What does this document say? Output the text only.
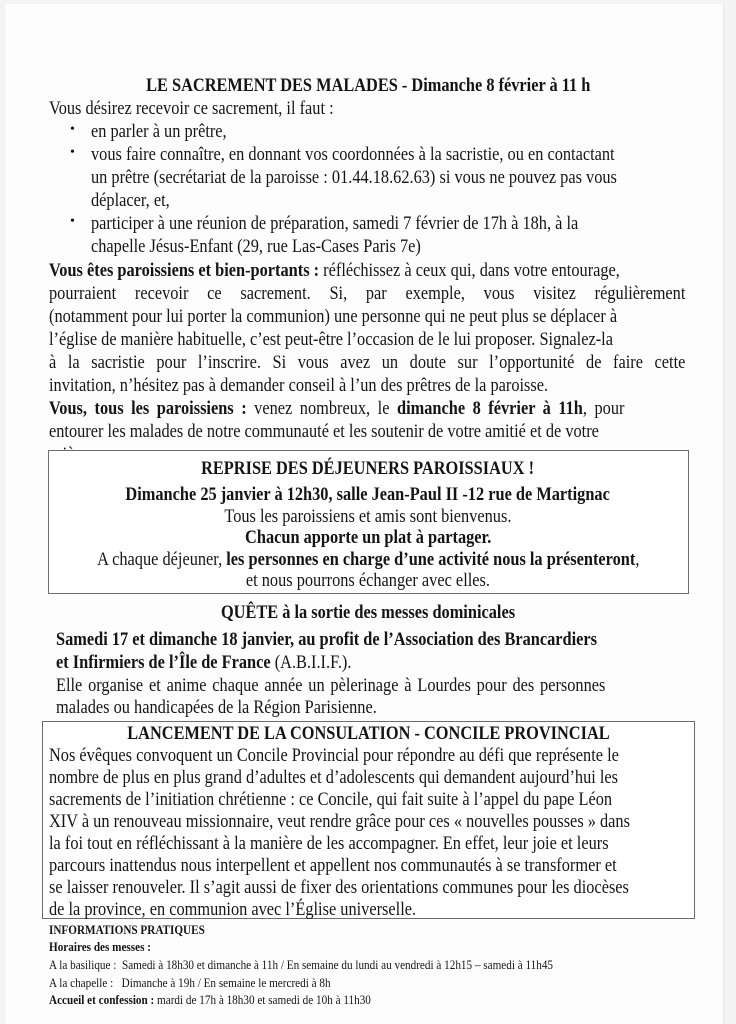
LE SACREMENT DES MALADES - Dimanche 8 février à 11 h
Vous désirez recevoir ce sacrement, il faut :
• en parler à un prêtre,
• vous faire connaître, en donnant vos coordonnées à la sacristie, ou en contactant
un prêtre (secrétariat de la paroisse : 01.44.18.62.63) si vous ne pouvez pas vous
déplacer, et,
• participer à une réunion de préparation, samedi 7 février de 17h à 18h, à la
chapelle Jésus-Enfant (29, rue Las-Cases Paris 7e)
Vous êtes paroissiens et bien-portants : réfléchissez à ceux qui, dans votre entourage,
pourraient recevoir ce sacrement. Si, par exemple, vous visitez régulièrement
(notamment pour lui porter la communion) une personne qui ne peut plus se déplacer à
l’église de manière habituelle, c’est peut-être l’occasion de le lui proposer. Signalez-la
à la sacristie pour l’inscrire. Si vous avez un doute sur l’opportunité de faire cette
invitation, n’hésitez pas à demander conseil à l’un des prêtres de la paroisse.
Vous, tous les paroissiens : venez nombreux, le dimanche 8 février à 11h, pour
entourer les malades de notre communauté et les soutenir de votre amitié et de votre
REPRISE DES DÉJEUNERS PAROISSIAUX !
Dimanche 25 janvier à 12h30, salle Jean-Paul II -12 rue de Martignac
Tous les paroissiens et amis sont bienvenus.
Chacun apporte un plat à partager.
A chaque déjeuner, les personnes en charge d’une activité nous la présenteront,
et nous pourrons échanger avec elles.
QUÊTE à la sortie des messes dominicales
Samedi 17 et dimanche 18 janvier, au profit de l’Association des Brancardiers
et Infirmiers de l’Île de France (A.B.I.I.F.).
Elle organise et anime chaque année un pèlerinage à Lourdes pour des personnes
malades ou handicapées de la Région Parisienne.
LANCEMENT DE LA CONSULATION - CONCILE PROVINCIAL
Nos évêques convoquent un Concile Provincial pour répondre au défi que représente le
nombre de plus en plus grand d’adultes et d’adolescents qui demandent aujourd’hui les
sacrements de l’initiation chrétienne : ce Concile, qui fait suite à l’appel du pape Léon
XIV à un renouveau missionnaire, veut rendre grâce pour ces « nouvelles pousses » dans
la foi tout en réfléchissant à la manière de les accompagner. En effet, leur joie et leurs
parcours inattendus nous interpellent et appellent nos communautés à se transformer et
se laisser renouveler. Il s’agit aussi de fixer des orientations communes pour les diocèses
de la province, en communion avec l’Église universelle.
INFORMATIONS PRATIQUES
Horaires des messes :
A la basilique : Samedi à 18h30 et dimanche à 11h / En semaine du lundi au vendredi à 12h15 – samedi à 11h45
A la chapelle : Dimanche à 19h / En semaine le mercredi à 8h
Accueil et confession : mardi de 17h à 18h30 et samedi de 10h à 11h30
